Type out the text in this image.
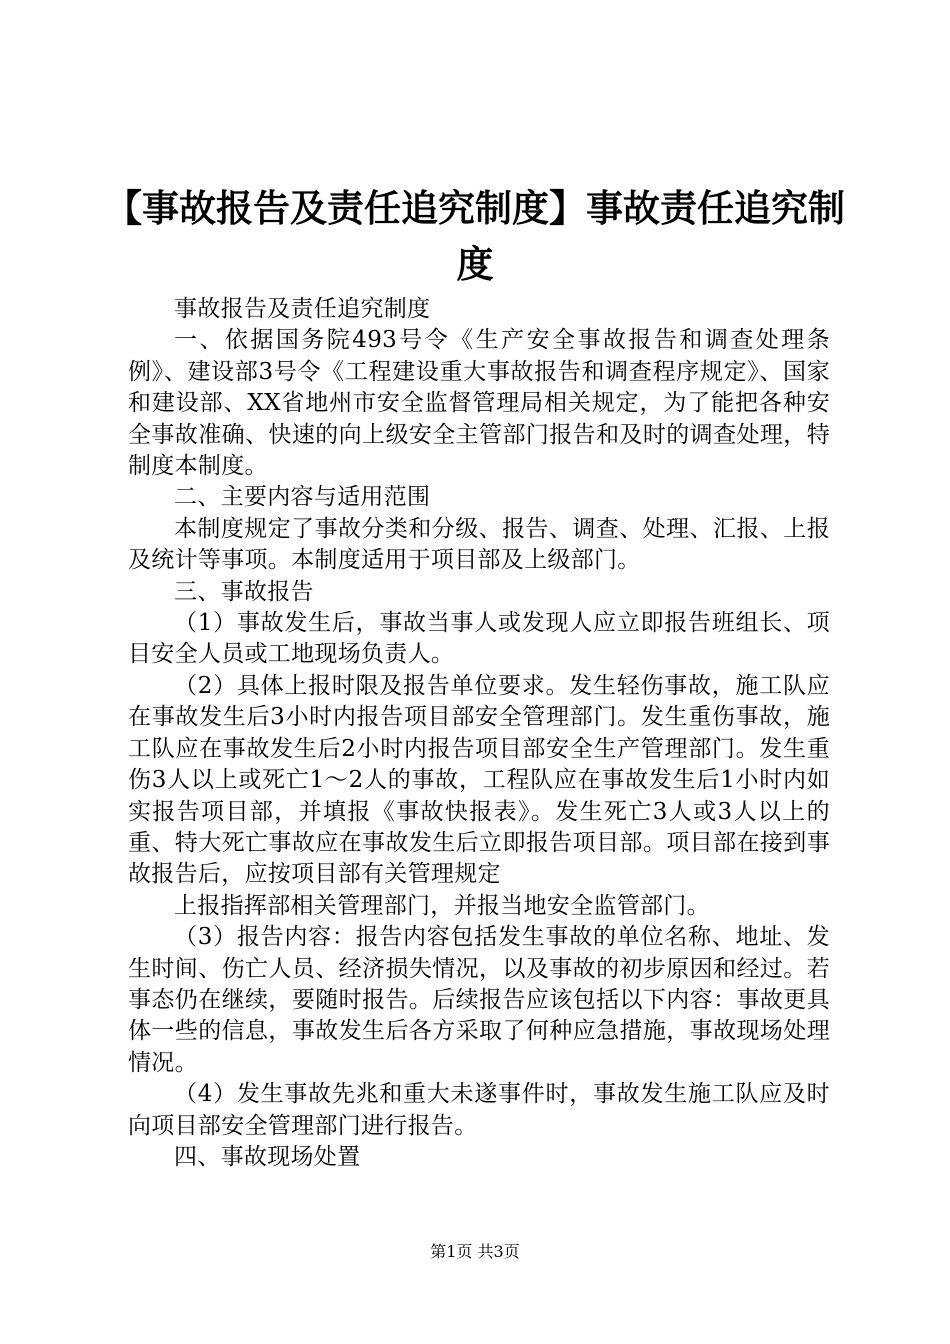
【事故报告及责任追究制度】事故责任追究制
度

事故报告及责任追究制度

一、依据国务院493号令《生产安全事故报告和调查处理条例》、建设部3号令《工程建设重大事故报告和调查程序规定》、国家和建设部、XX省地州市安全监督管理局相关规定，为了能把各种安全事故准确、快速的向上级安全主管部门报告和及时的调查处理，特制度本制度。

二、主要内容与适用范围

本制度规定了事故分类和分级、报告、调查、处理、汇报、上报及统计等事项。本制度适用于项目部及上级部门。

三、事故报告

（1）事故发生后，事故当事人或发现人应立即报告班组长、项目安全人员或工地现场负责人。

（2）具体上报时限及报告单位要求。发生轻伤事故，施工队应在事故发生后3小时内报告项目部安全管理部门。发生重伤事故，施工队应在事故发生后2小时内报告项目部安全生产管理部门。发生重伤3人以上或死亡1～2人的事故，工程队应在事故发生后1小时内如实报告项目部，并填报《事故快报表》。发生死亡3人或3人以上的重、特大死亡事故应在事故发生后立即报告项目部。项目部在接到事故报告后，应按项目部有关管理规定

上报指挥部相关管理部门，并报当地安全监管部门。

（3）报告内容：报告内容包括发生事故的单位名称、地址、发生时间、伤亡人员、经济损失情况，以及事故的初步原因和经过。若事态仍在继续，要随时报告。后续报告应该包括以下内容：事故更具体一些的信息，事故发生后各方采取了何种应急措施，事故现场处理情况。

（4）发生事故先兆和重大未遂事件时，事故发生施工队应及时向项目部安全管理部门进行报告。

四、事故现场处置

第1页 共3页
